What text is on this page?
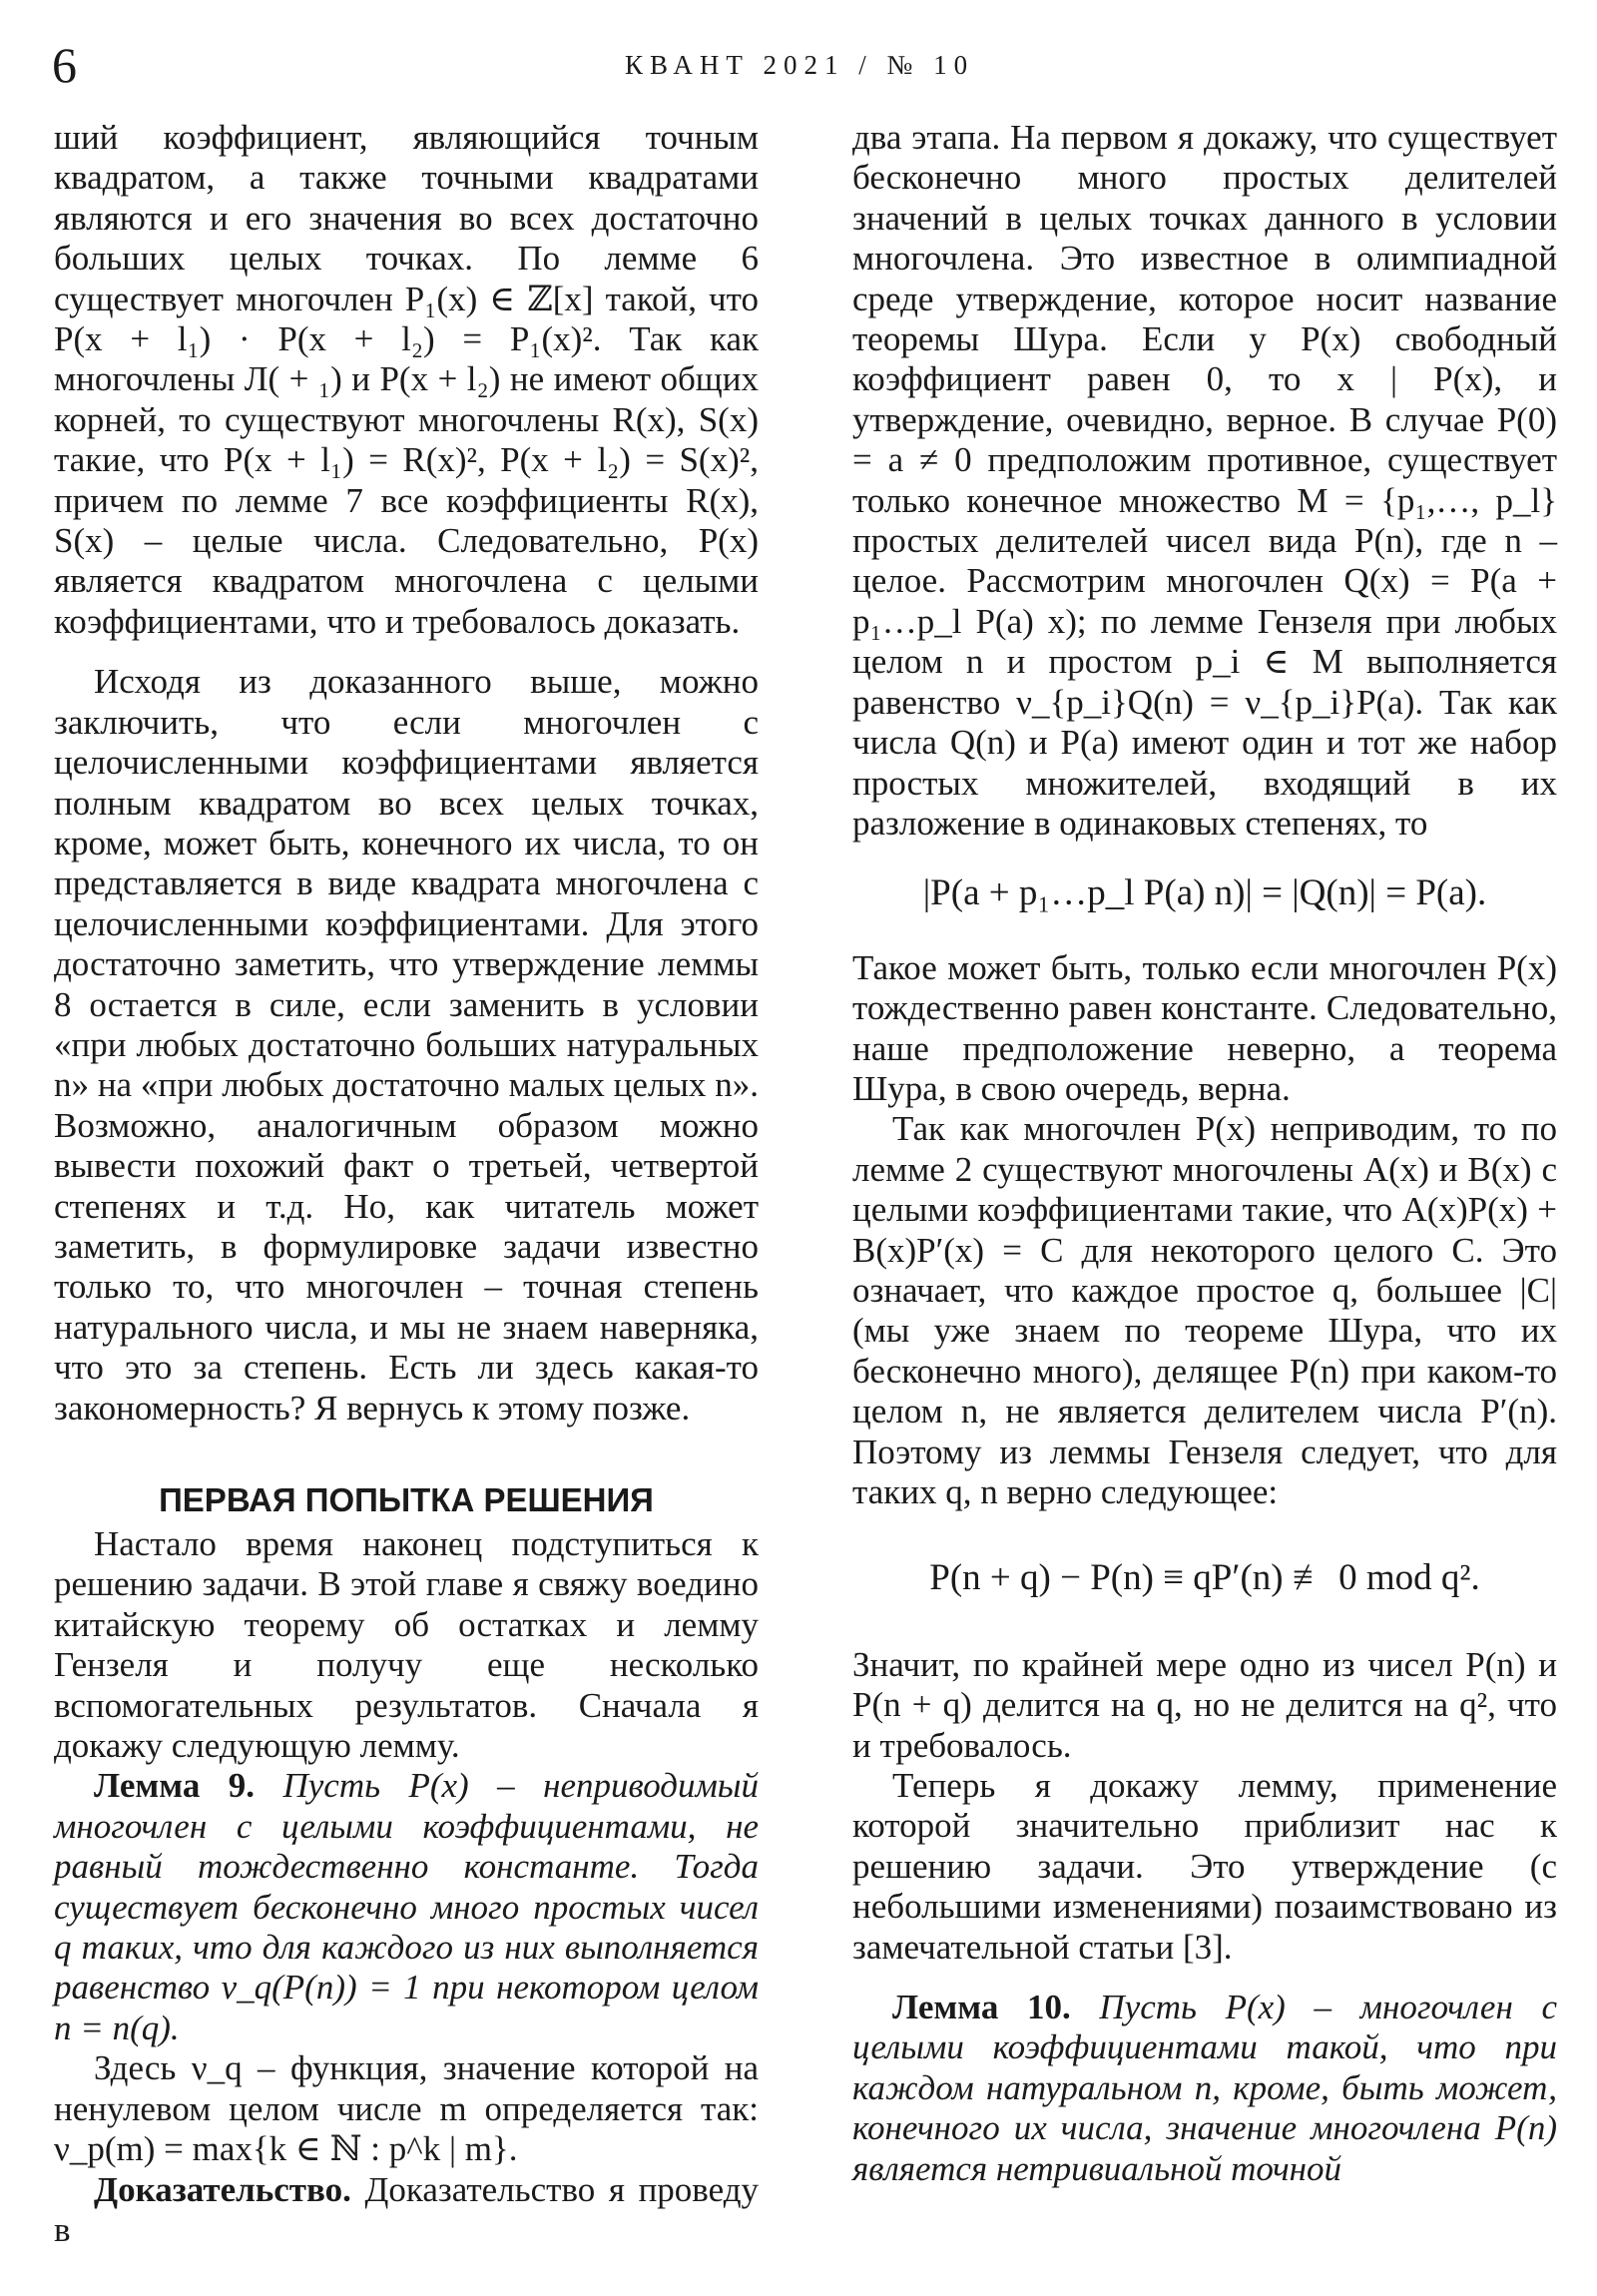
6	КВАНТ 2021 / № 10

ший коэффициент, являющийся точным квадратом, а также точными квадратами являются и его значения во всех достаточно больших целых точках. По лемме 6 существует многочлен P₁(x) ∈ ℤ[x] такой, что P(x + l₁) · P(x + l₂) = P₁(x)². Так как многочлены Л( + ₁) и P(x + l₂) не имеют общих корней, то существуют многочлены R(x), S(x) такие, что P(x + l₁) = R(x)², P(x + l₂) = S(x)², причем по лемме 7 все коэффициенты R(x), S(x) – целые числа. Следовательно, P(x) является квадратом многочлена с целыми коэффициентами, что и требовалось доказать.

Исходя из доказанного выше, можно заключить, что если многочлен с целочисленными коэффициентами является полным квадратом во всех целых точках, кроме, может быть, конечного их числа, то он представляется в виде квадрата многочлена с целочисленными коэффициентами. Для этого достаточно заметить, что утверждение леммы 8 остается в силе, если заменить в условии «при любых достаточно больших натуральных n» на «при любых достаточно малых целых n». Возможно, аналогичным образом можно вывести похожий факт о третьей, четвертой степенях и т.д. Но, как читатель может заметить, в формулировке задачи известно только то, что многочлен – точная степень натурального числа, и мы не знаем наверняка, что это за степень. Есть ли здесь какая-то закономерность? Я вернусь к этому позже.

ПЕРВАЯ ПОПЫТКА РЕШЕНИЯ

Настало время наконец подступиться к решению задачи. В этой главе я свяжу воедино китайскую теорему об остатках и лемму Гензеля и получу еще несколько вспомогательных результатов. Сначала я докажу следующую лемму.

Лемма 9. Пусть P(x) – неприводимый многочлен с целыми коэффициентами, не равный тождественно константе. Тогда существует бесконечно много простых чисел q таких, что для каждого из них выполняется равенство ν_q(P(n)) = 1 при некотором целом n = n(q).

Здесь ν_q – функция, значение которой на ненулевом целом числе m определяется так: ν_p(m) = max{k ∈ ℕ : p^k | m}.

Доказательство. Доказательство я проведу в

два этапа. На первом я докажу, что существует бесконечно много простых делителей значений в целых точках данного в условии многочлена. Это известное в олимпиадной среде утверждение, которое носит название теоремы Шура. Если у P(x) свободный коэффициент равен 0, то x | P(x), и утверждение, очевидно, верное. В случае P(0) = a ≠ 0 предположим противное, существует только конечное множество M = {p₁,…, p_l} простых делителей чисел вида P(n), где n – целое. Рассмотрим многочлен Q(x) = P(a + p₁…p_l P(a) x); по лемме Гензеля при любых целом n и простом p_i ∈ M выполняется равенство ν_{p_i}Q(n) = ν_{p_i}P(a). Так как числа Q(n) и P(a) имеют один и тот же набор простых множителей, входящий в их разложение в одинаковых степенях, то

|P(a + p₁…p_l P(a) n)| = |Q(n)| = P(a).

Такое может быть, только если многочлен P(x) тождественно равен константе. Следовательно, наше предположение неверно, а теорема Шура, в свою очередь, верна.

Так как многочлен P(x) неприводим, то по лемме 2 существуют многочлены A(x) и B(x) с целыми коэффициентами такие, что A(x)P(x) + B(x)P′(x) = C для некоторого целого C. Это означает, что каждое простое q, большее |C| (мы уже знаем по теореме Шура, что их бесконечно много), делящее P(n) при каком-то целом n, не является делителем числа P′(n). Поэтому из леммы Гензеля следует, что для таких q, n верно следующее:

P(n + q) − P(n) ≡ qP′(n) ≢ 0 mod q².

Значит, по крайней мере одно из чисел P(n) и P(n + q) делится на q, но не делится на q², что и требовалось.

Теперь я докажу лемму, применение которой значительно приблизит нас к решению задачи. Это утверждение (с небольшими изменениями) позаимствовано из замечательной статьи [3].

Лемма 10. Пусть P(x) – многочлен с целыми коэффициентами такой, что при каждом натуральном n, кроме, быть может, конечного их числа, значение многочлена P(n) является нетривиальной точной
